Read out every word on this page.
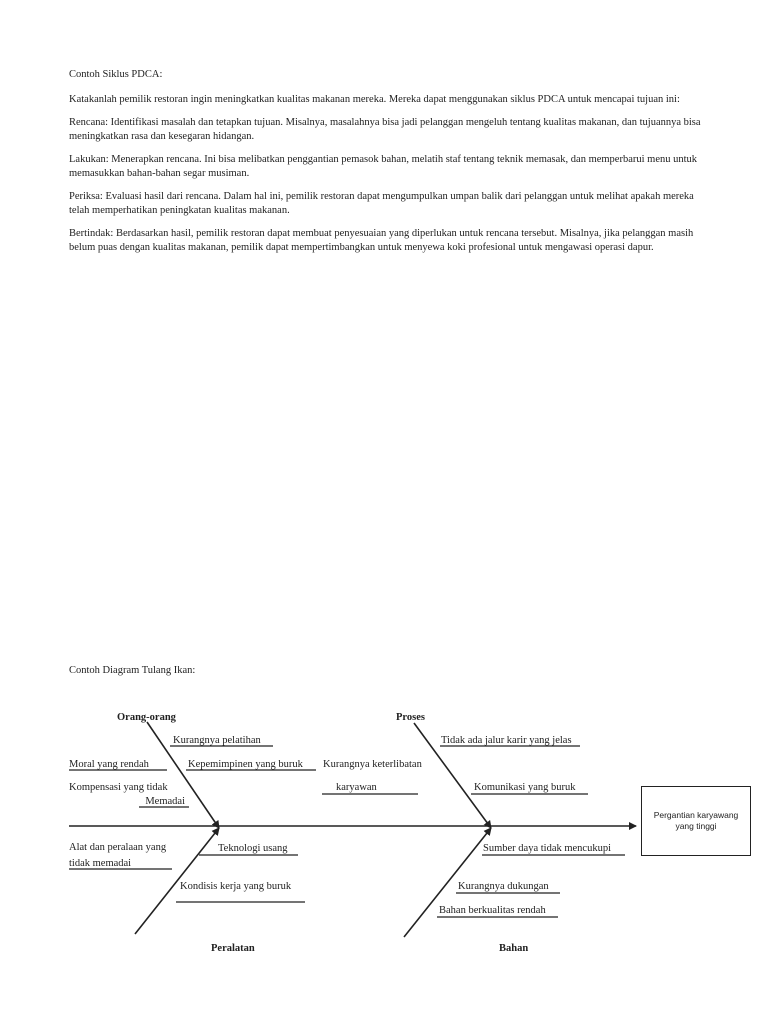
Contoh Siklus PDCA:

Katakanlah pemilik restoran ingin meningkatkan kualitas makanan mereka. Mereka dapat menggunakan siklus PDCA untuk mencapai tujuan ini:

Rencana: Identifikasi masalah dan tetapkan tujuan. Misalnya, masalahnya bisa jadi pelanggan mengeluh tentang kualitas makanan, dan tujuannya bisa meningkatkan rasa dan kesegaran hidangan.

Lakukan: Menerapkan rencana. Ini bisa melibatkan penggantian pemasok bahan, melatih staf tentang teknik memasak, dan memperbarui menu untuk memasukkan bahan-bahan segar musiman.

Periksa: Evaluasi hasil dari rencana. Dalam hal ini, pemilik restoran dapat mengumpulkan umpan balik dari pelanggan untuk melihat apakah mereka telah memperhatikan peningkatan kualitas makanan.

Bertindak: Berdasarkan hasil, pemilik restoran dapat membuat penyesuaian yang diperlukan untuk rencana tersebut. Misalnya, jika pelanggan masih belum puas dengan kualitas makanan, pemilik dapat mempertimbangkan untuk menyewa koki profesional untuk mengawasi operasi dapur.

Contoh Diagram Tulang Ikan:
Orang-orang	Proses
Peralatan	Bahan
Kurangnya pelatihan
Moral yang rendah	Kepemimpinen yang buruk
Kompensasi yang tidak
Memadai
Tidak ada jalur karir yang jelas
Kurangnya keterlibatan
karyawan	Komunikasi yang buruk
Alat dan peralaan yang
tidak memadai
Teknologi usang
Kondisis kerja yang buruk
Sumber daya tidak mencukupi
Kurangnya dukungan
Bahan berkualitas rendah
Pergantian karyawang yang tinggi
